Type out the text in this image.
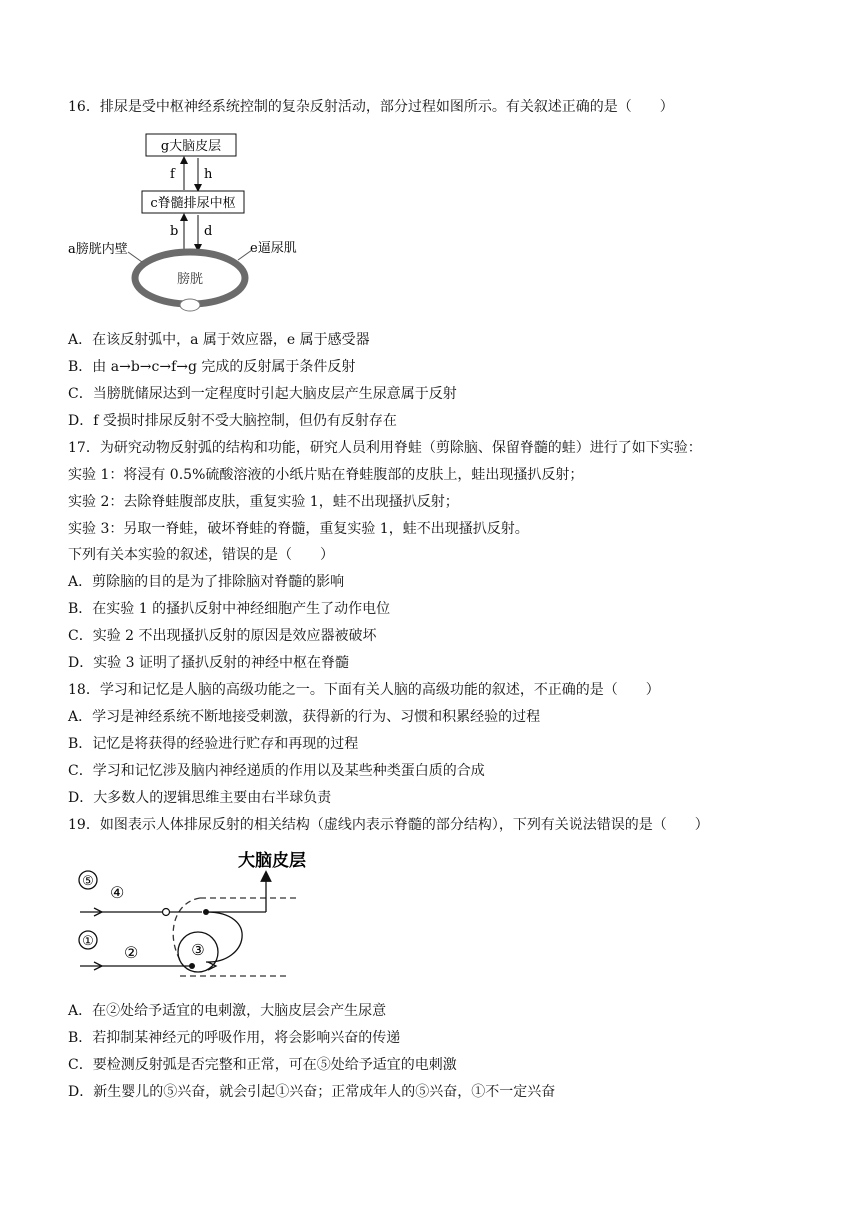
16．排尿是受中枢神经系统控制的复杂反射活动，部分过程如图所示。有关叙述正确的是（　　）
g大脑皮层
f h
c脊髓排尿中枢
b d
膀胱
a膀胱内壁	e逼尿肌
A．在该反射弧中，a 属于效应器，e 属于感受器
B．由 a→b→c→f→g 完成的反射属于条件反射
C．当膀胱储尿达到一定程度时引起大脑皮层产生尿意属于反射
D．f 受损时排尿反射不受大脑控制，但仍有反射存在
17．为研究动物反射弧的结构和功能，研究人员利用脊蛙（剪除脑、保留脊髓的蛙）进行了如下实验：
实验 1：将浸有 0.5%硫酸溶液的小纸片贴在脊蛙腹部的皮肤上，蛙出现搔扒反射；
实验 2：去除脊蛙腹部皮肤，重复实验 1，蛙不出现搔扒反射；
实验 3：另取一脊蛙，破坏脊蛙的脊髓，重复实验 1，蛙不出现搔扒反射。
下列有关本实验的叙述，错误的是（　　）
A．剪除脑的目的是为了排除脑对脊髓的影响
B．在实验 1 的搔扒反射中神经细胞产生了动作电位
C．实验 2 不出现搔扒反射的原因是效应器被破坏
D．实验 3 证明了搔扒反射的神经中枢在脊髓
18．学习和记忆是人脑的高级功能之一。下面有关人脑的高级功能的叙述，不正确的是（　　）
A．学习是神经系统不断地接受刺激，获得新的行为、习惯和积累经验的过程
B．记忆是将获得的经验进行贮存和再现的过程
C．学习和记忆涉及脑内神经递质的作用以及某些种类蛋白质的合成
D．大多数人的逻辑思维主要由右半球负责
19．如图表示人体排尿反射的相关结构（虚线内表示脊髓的部分结构），下列有关说法错误的是（　　）
大脑皮层
⑤
④
①
②	③
A．在②处给予适宜的电刺激，大脑皮层会产生尿意
B．若抑制某神经元的呼吸作用，将会影响兴奋的传递
C．要检测反射弧是否完整和正常，可在⑤处给予适宜的电刺激
D．新生婴儿的⑤兴奋，就会引起①兴奋；正常成年人的⑤兴奋，①不一定兴奋
